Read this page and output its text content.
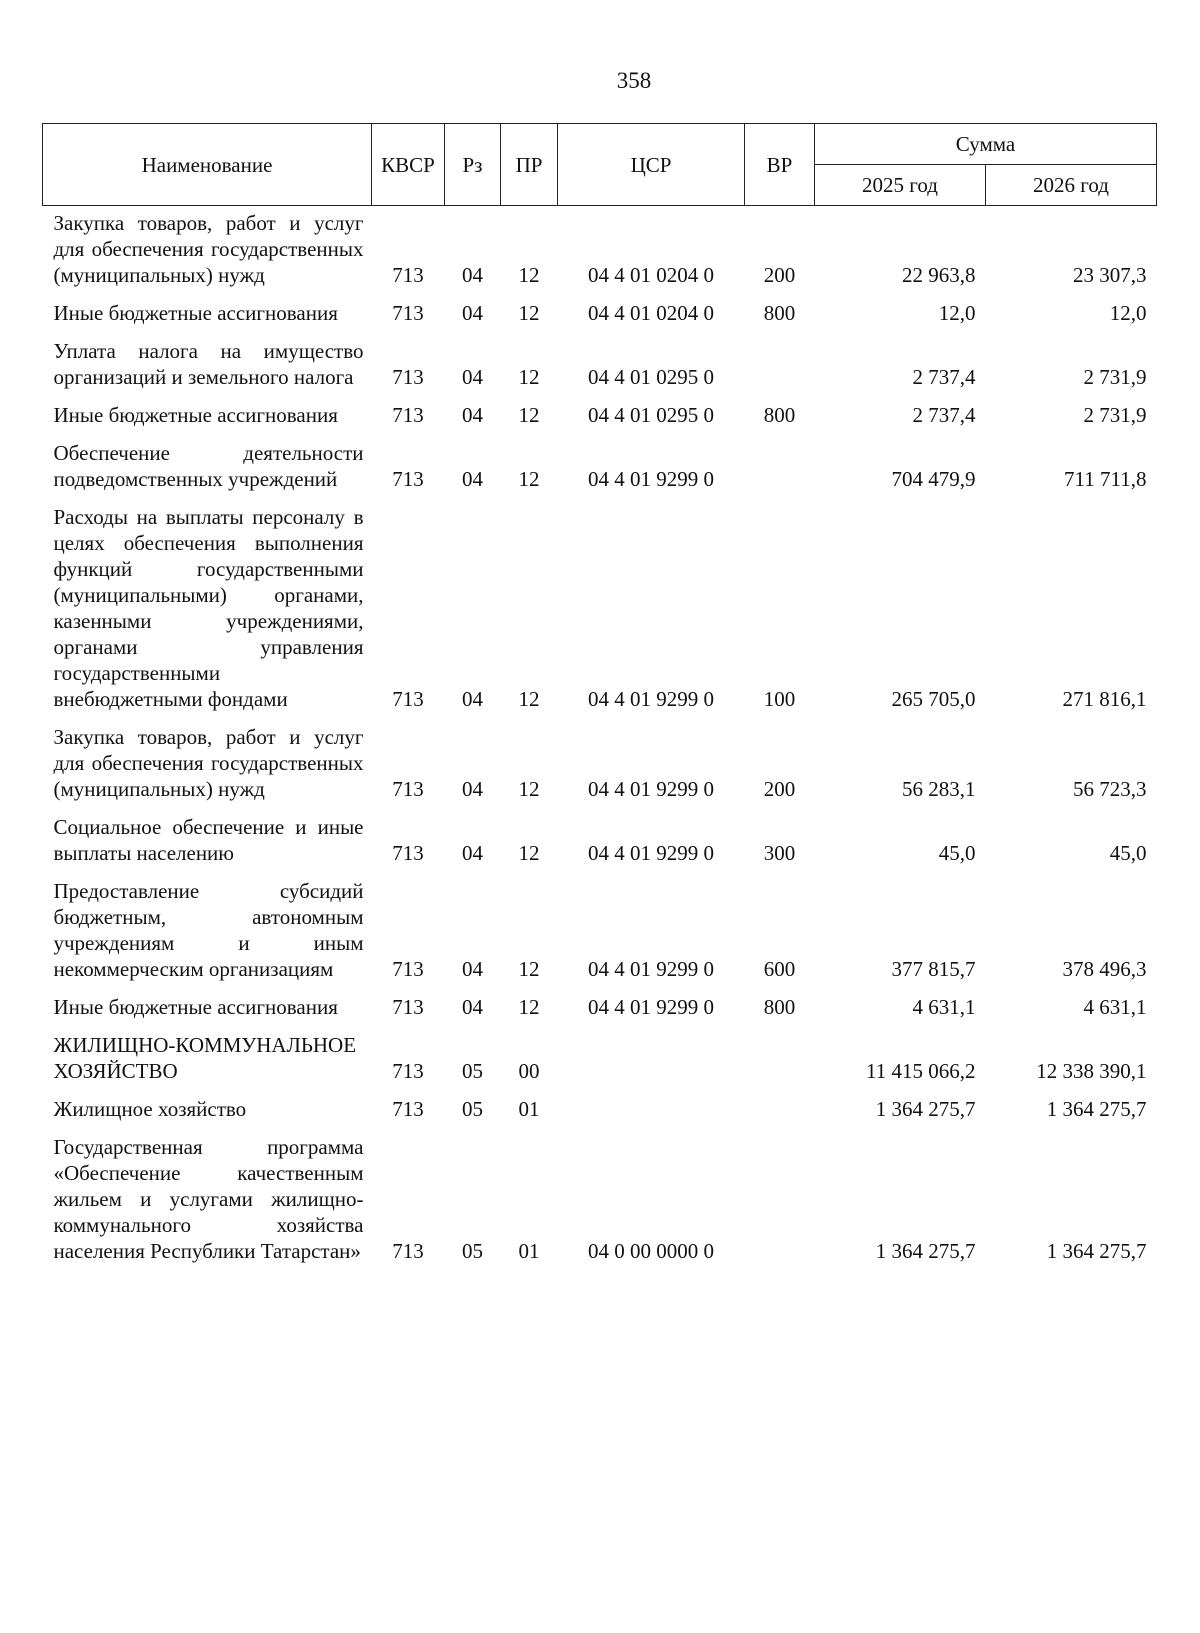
358
Наименование	КВСР	Рз	ПР	ЦСР	ВР	Сумма	
						2025 год	2026 год
Закупка товаров, работ и услуг для обеспечения государственных (муниципальных) нужд	713	04	12	04 4 01 0204 0	200	22 963,8	23 307,3
Иные бюджетные ассигнования	713	04	12	04 4 01 0204 0	800	12,0	12,0
Уплата налога на имущество организаций и земельного налога	713	04	12	04 4 01 0295 0		2 737,4	2 731,9
Иные бюджетные ассигнования	713	04	12	04 4 01 0295 0	800	2 737,4	2 731,9
Обеспечение деятельности подведомственных учреждений	713	04	12	04 4 01 9299 0		704 479,9	711 711,8
Расходы на выплаты персоналу в целях обеспечения выполнения функций государственными (муниципальными) органами, казенными учреждениями, органами управления государственными внебюджетными фондами	713	04	12	04 4 01 9299 0	100	265 705,0	271 816,1
Закупка товаров, работ и услуг для обеспечения государственных (муниципальных) нужд	713	04	12	04 4 01 9299 0	200	56 283,1	56 723,3
Социальное обеспечение и иные выплаты населению	713	04	12	04 4 01 9299 0	300	45,0	45,0
Предоставление субсидий бюджетным, автономным учреждениям и иным некоммерческим организациям	713	04	12	04 4 01 9299 0	600	377 815,7	378 496,3
Иные бюджетные ассигнования	713	04	12	04 4 01 9299 0	800	4 631,1	4 631,1
ЖИЛИЩНО-КОММУНАЛЬНОЕ ХОЗЯЙСТВО	713	05	00			11 415 066,2	12 338 390,1
Жилищное хозяйство	713	05	01			1 364 275,7	1 364 275,7
Государственная программа «Обеспечение качественным жильем и услугами жилищно-коммунального хозяйства населения Республики Татарстан»	713	05	01	04 0 00 0000 0		1 364 275,7	1 364 275,7
